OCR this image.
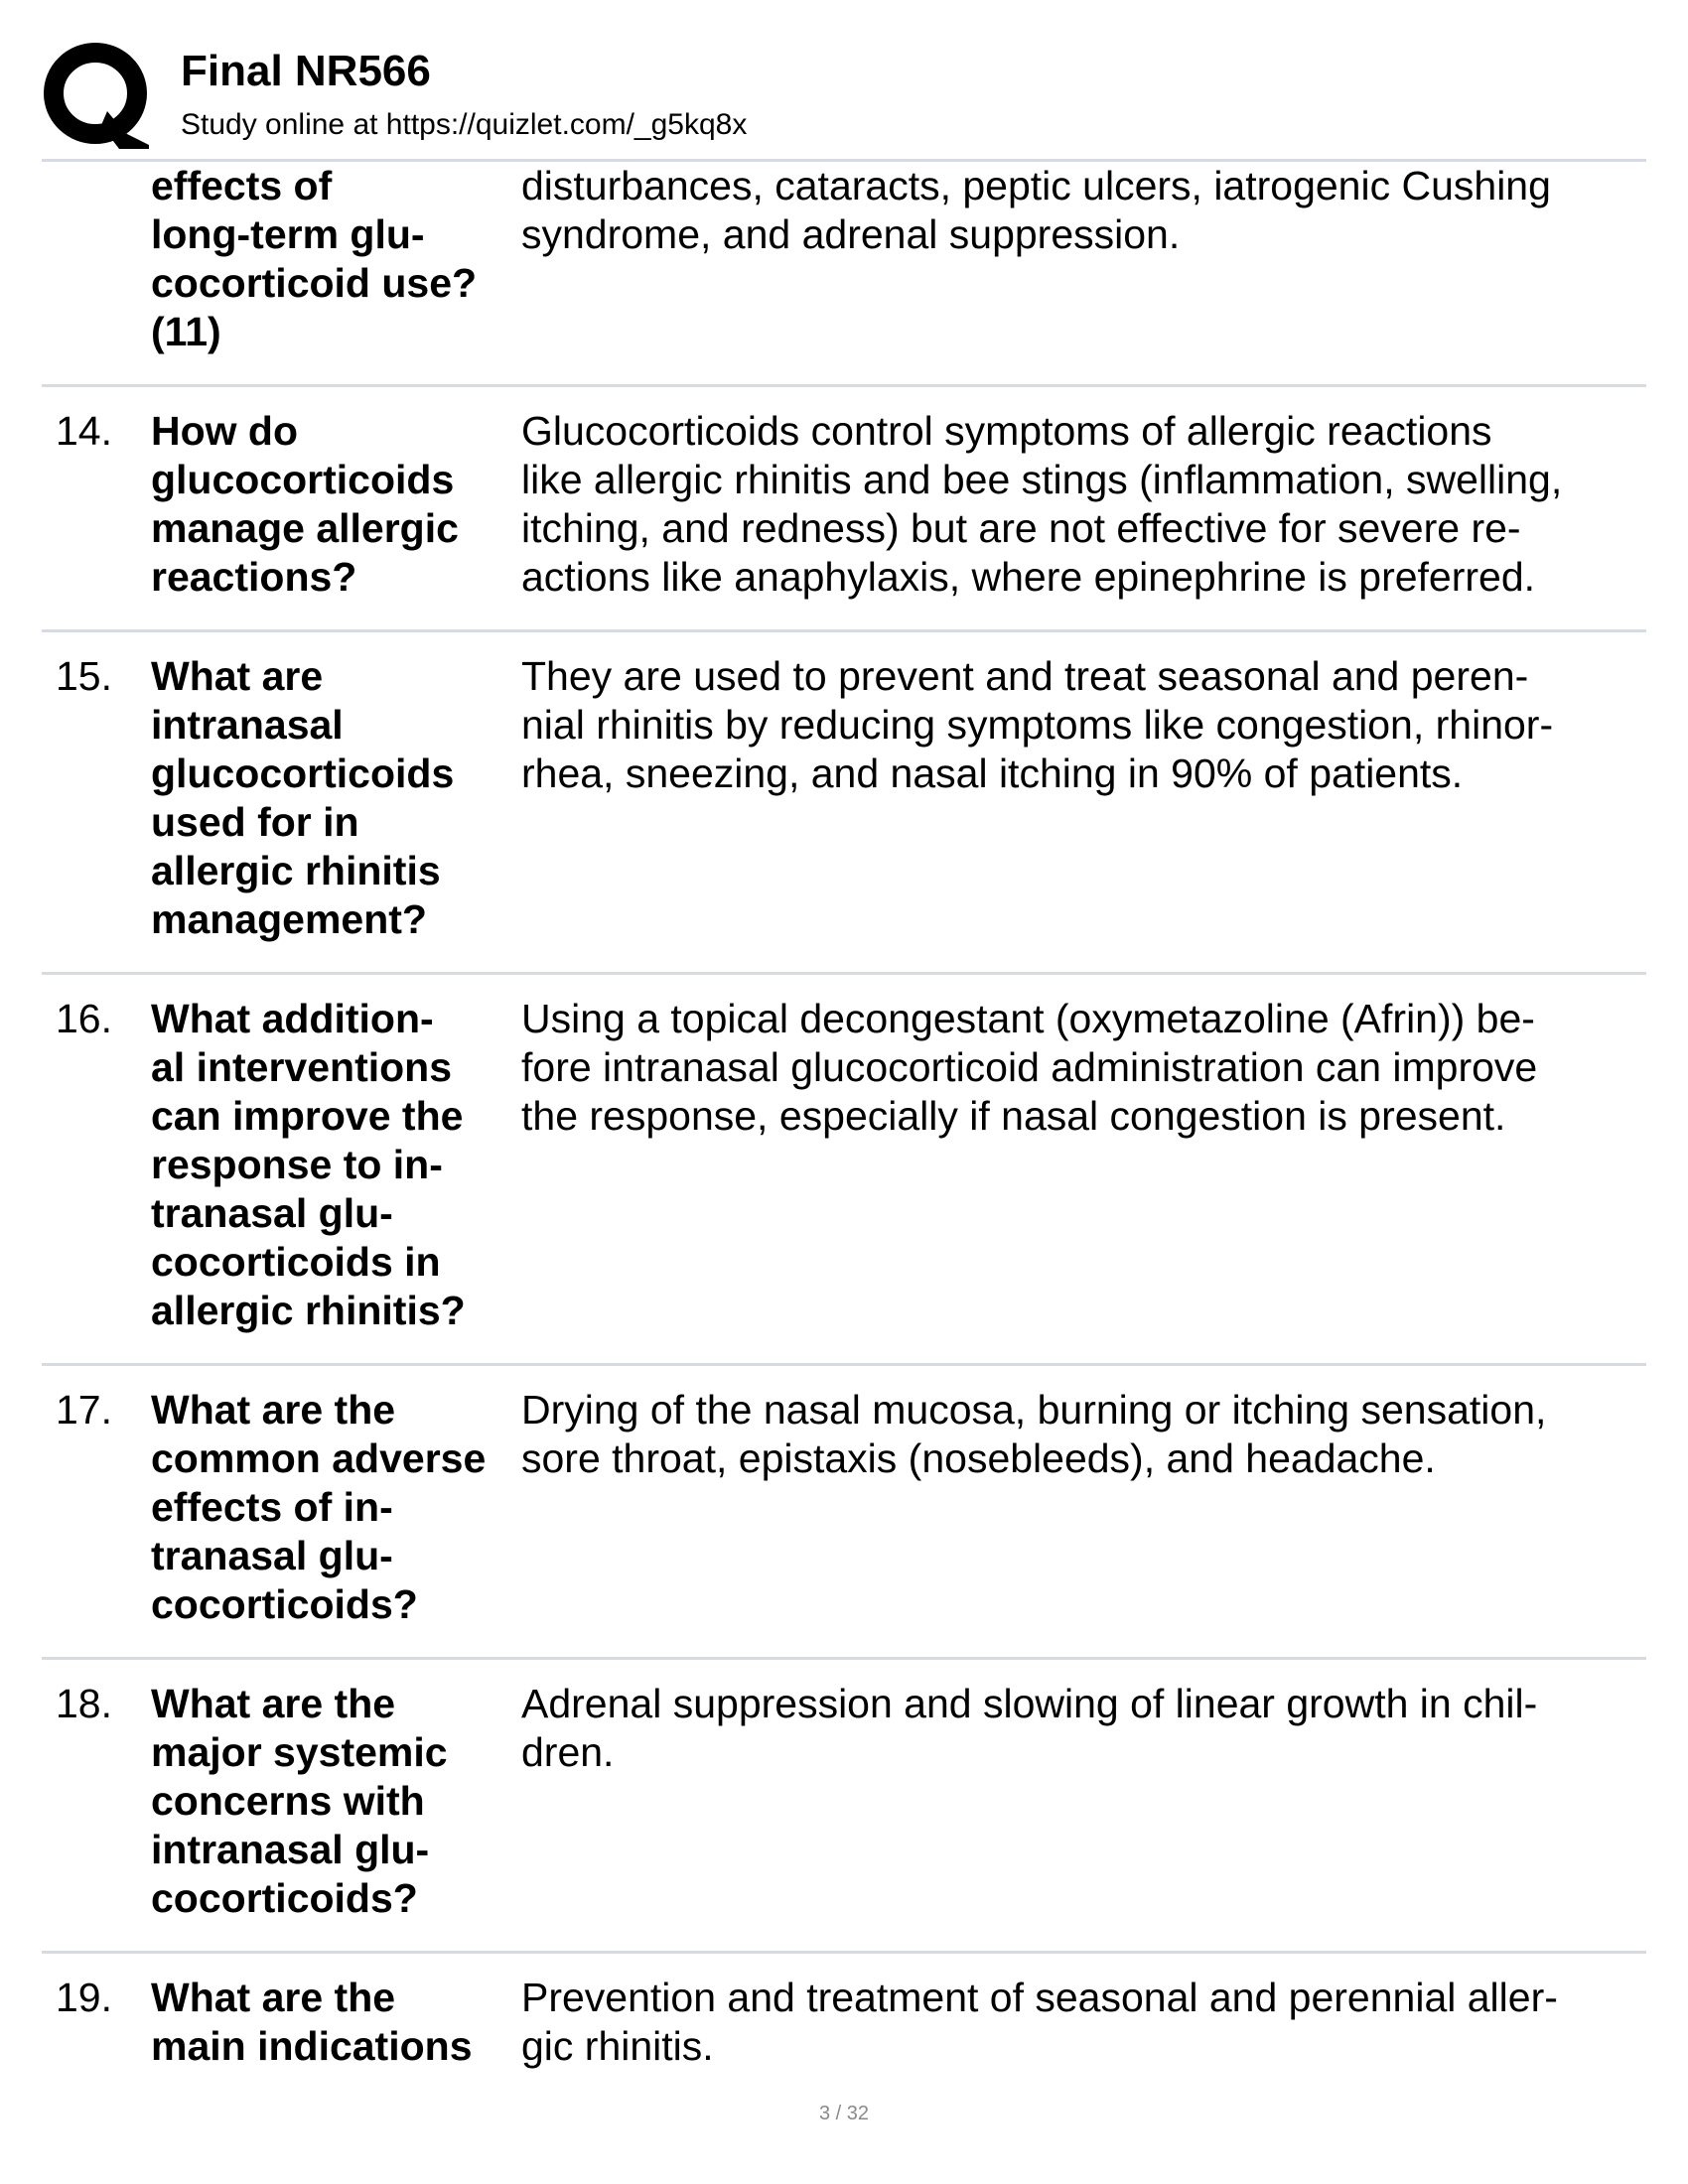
Final NR566
Study online at https://quizlet.com/_g5kq8x
effects of
long-term glu-
cocorticoid use?
(11)
disturbances, cataracts, peptic ulcers, iatrogenic Cushing
syndrome, and adrenal suppression.
14. How do
glucocorticoids
manage allergic
reactions?
Glucocorticoids control symptoms of allergic reactions
like allergic rhinitis and bee stings (inflammation, swelling,
itching, and redness) but are not effective for severe re-
actions like anaphylaxis, where epinephrine is preferred.
15. What are
intranasal
glucocorticoids
used for in
allergic rhinitis
management?
They are used to prevent and treat seasonal and peren-
nial rhinitis by reducing symptoms like congestion, rhinor-
rhea, sneezing, and nasal itching in 90% of patients.
16. What addition-
al interventions
can improve the
response to in-
tranasal glu-
cocorticoids in
allergic rhinitis?
Using a topical decongestant (oxymetazoline (Afrin)) be-
fore intranasal glucocorticoid administration can improve
the response, especially if nasal congestion is present.
17. What are the
common adverse
effects of in-
tranasal glu-
cocorticoids?
Drying of the nasal mucosa, burning or itching sensation,
sore throat, epistaxis (nosebleeds), and headache.
18. What are the
major systemic
concerns with
intranasal glu-
cocorticoids?
Adrenal suppression and slowing of linear growth in chil-
dren.
19. What are the
main indications
Prevention and treatment of seasonal and perennial aller-
gic rhinitis.
3 / 32
